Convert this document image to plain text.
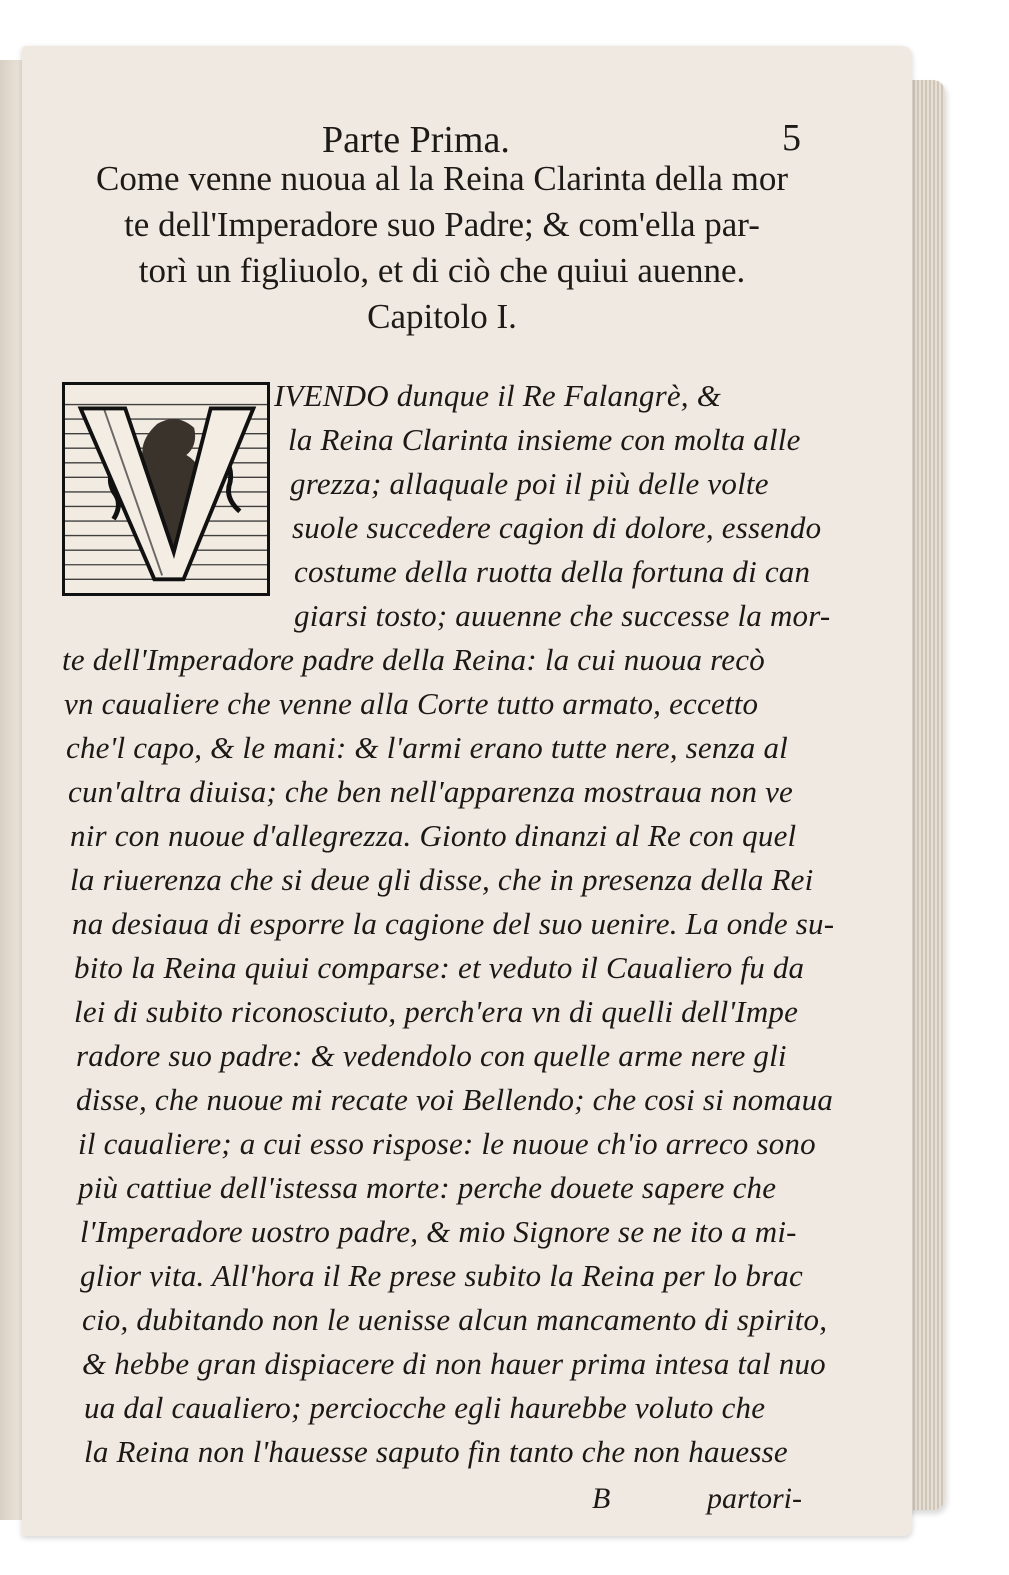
Parte Prima.	5
Come venne nuoua al la Reina Clarinta della mor
te dell'Imperadore suo Padre; & com'ella par-
torì un figliuolo, et di ciò che quiui auenne.
Capitolo I.
IVENDO dunque il Re Falangrè, &
la Reina Clarinta insieme con molta alle
grezza; allaquale poi il più delle volte
suole succedere cagion di dolore, essendo
costume della ruotta della fortuna di can
giarsi tosto; auuenne che successe la mor-
te dell'Imperadore padre della Reina: la cui nuoua recò
vn caualiere che venne alla Corte tutto armato, eccetto
che'l capo, & le mani: & l'armi erano tutte nere, senza al
cun'altra diuisa; che ben nell'apparenza mostraua non ve
nir con nuoue d'allegrezza. Gionto dinanzi al Re con quel
la riuerenza che si deue gli disse, che in presenza della Rei
na desiaua di esporre la cagione del suo uenire. La onde su-
bito la Reina quiui comparse: et veduto il Caualiero fu da
lei di subito riconosciuto, perch'era vn di quelli dell'Impe
radore suo padre: & vedendolo con quelle arme nere gli
disse, che nuoue mi recate voi Bellendo; che cosi si nomaua
il caualiere; a cui esso rispose: le nuoue ch'io arreco sono
più cattiue dell'istessa morte: perche douete sapere che
l'Imperadore uostro padre, & mio Signore se ne ito a mi-
glior vita. All'hora il Re prese subito la Reina per lo brac
cio, dubitando non le uenisse alcun mancamento di spirito,
& hebbe gran dispiacere di non hauer prima intesa tal nuo
ua dal caualiero; perciocche egli haurebbe voluto che
la Reina non l'hauesse saputo fin tanto che non hauesse
B	partori-
